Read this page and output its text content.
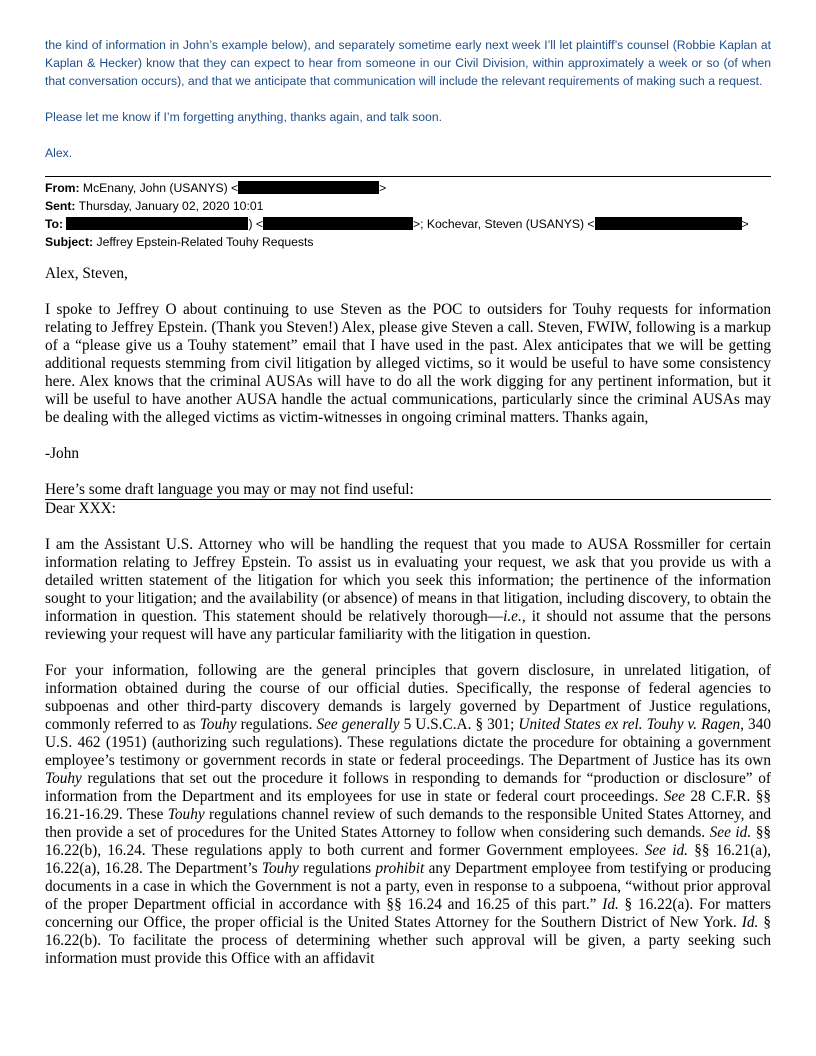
the kind of information in John’s example below), and separately sometime early next week I’ll let plaintiff’s counsel (Robbie Kaplan at Kaplan & Hecker) know that they can expect to hear from someone in our Civil Division, within approximately a week or so (of when that conversation occurs), and that we anticipate that communication will include the relevant requirements of making such a request.

Please let me know if I’m forgetting anything, thanks again, and talk soon.

Alex.

From: McEnany, John (USANYS) <	>

Sent: Thursday, January 02, 2020 10:01

To:	) <	>; Kochevar, Steven (USANYS) <	>

Subject: Jeffrey Epstein-Related Touhy Requests

Alex, Steven,

I spoke to Jeffrey O about continuing to use Steven as the POC to outsiders for Touhy requests for information relating to Jeffrey Epstein. (Thank you Steven!) Alex, please give Steven a call. Steven, FWIW, following is a markup of a “please give us a Touhy statement” email that I have used in the past. Alex anticipates that we will be getting additional requests stemming from civil litigation by alleged victims, so it would be useful to have some consistency here. Alex knows that the criminal AUSAs will have to do all the work digging for any pertinent information, but it will be useful to have another AUSA handle the actual communications, particularly since the criminal AUSAs may be dealing with the alleged victims as victim-witnesses in ongoing criminal matters. Thanks again,

-John

Here’s some draft language you may or may not find useful:

Dear XXX:

I am the Assistant U.S. Attorney who will be handling the request that you made to AUSA Rossmiller for certain information relating to Jeffrey Epstein. To assist us in evaluating your request, we ask that you provide us with a detailed written statement of the litigation for which you seek this information; the pertinence of the information sought to your litigation; and the availability (or absence) of means in that litigation, including discovery, to obtain the information in question. This statement should be relatively thorough—i.e., it should not assume that the persons reviewing your request will have any particular familiarity with the litigation in question.

For your information, following are the general principles that govern disclosure, in unrelated litigation, of information obtained during the course of our official duties. Specifically, the response of federal agencies to subpoenas and other third-party discovery demands is largely governed by Department of Justice regulations, commonly referred to as Touhy regulations. See generally 5 U.S.C.A. § 301; United States ex rel. Touhy v. Ragen, 340 U.S. 462 (1951) (authorizing such regulations). These regulations dictate the procedure for obtaining a government employee’s testimony or government records in state or federal proceedings. The Department of Justice has its own Touhy regulations that set out the procedure it follows in responding to demands for “production or disclosure” of information from the Department and its employees for use in state or federal court proceedings. See 28 C.F.R. §§ 16.21-16.29. These Touhy regulations channel review of such demands to the responsible United States Attorney, and then provide a set of procedures for the United States Attorney to follow when considering such demands. See id. §§ 16.22(b), 16.24. These regulations apply to both current and former Government employees. See id. §§ 16.21(a), 16.22(a), 16.28. The Department’s Touhy regulations prohibit any Department employee from testifying or producing documents in a case in which the Government is not a party, even in response to a subpoena, “without prior approval of the proper Department official in accordance with §§ 16.24 and 16.25 of this part.” Id. § 16.22(a). For matters concerning our Office, the proper official is the United States Attorney for the Southern District of New York. Id. § 16.22(b). To facilitate the process of determining whether such approval will be given, a party seeking such information must provide this Office with an affidavit
